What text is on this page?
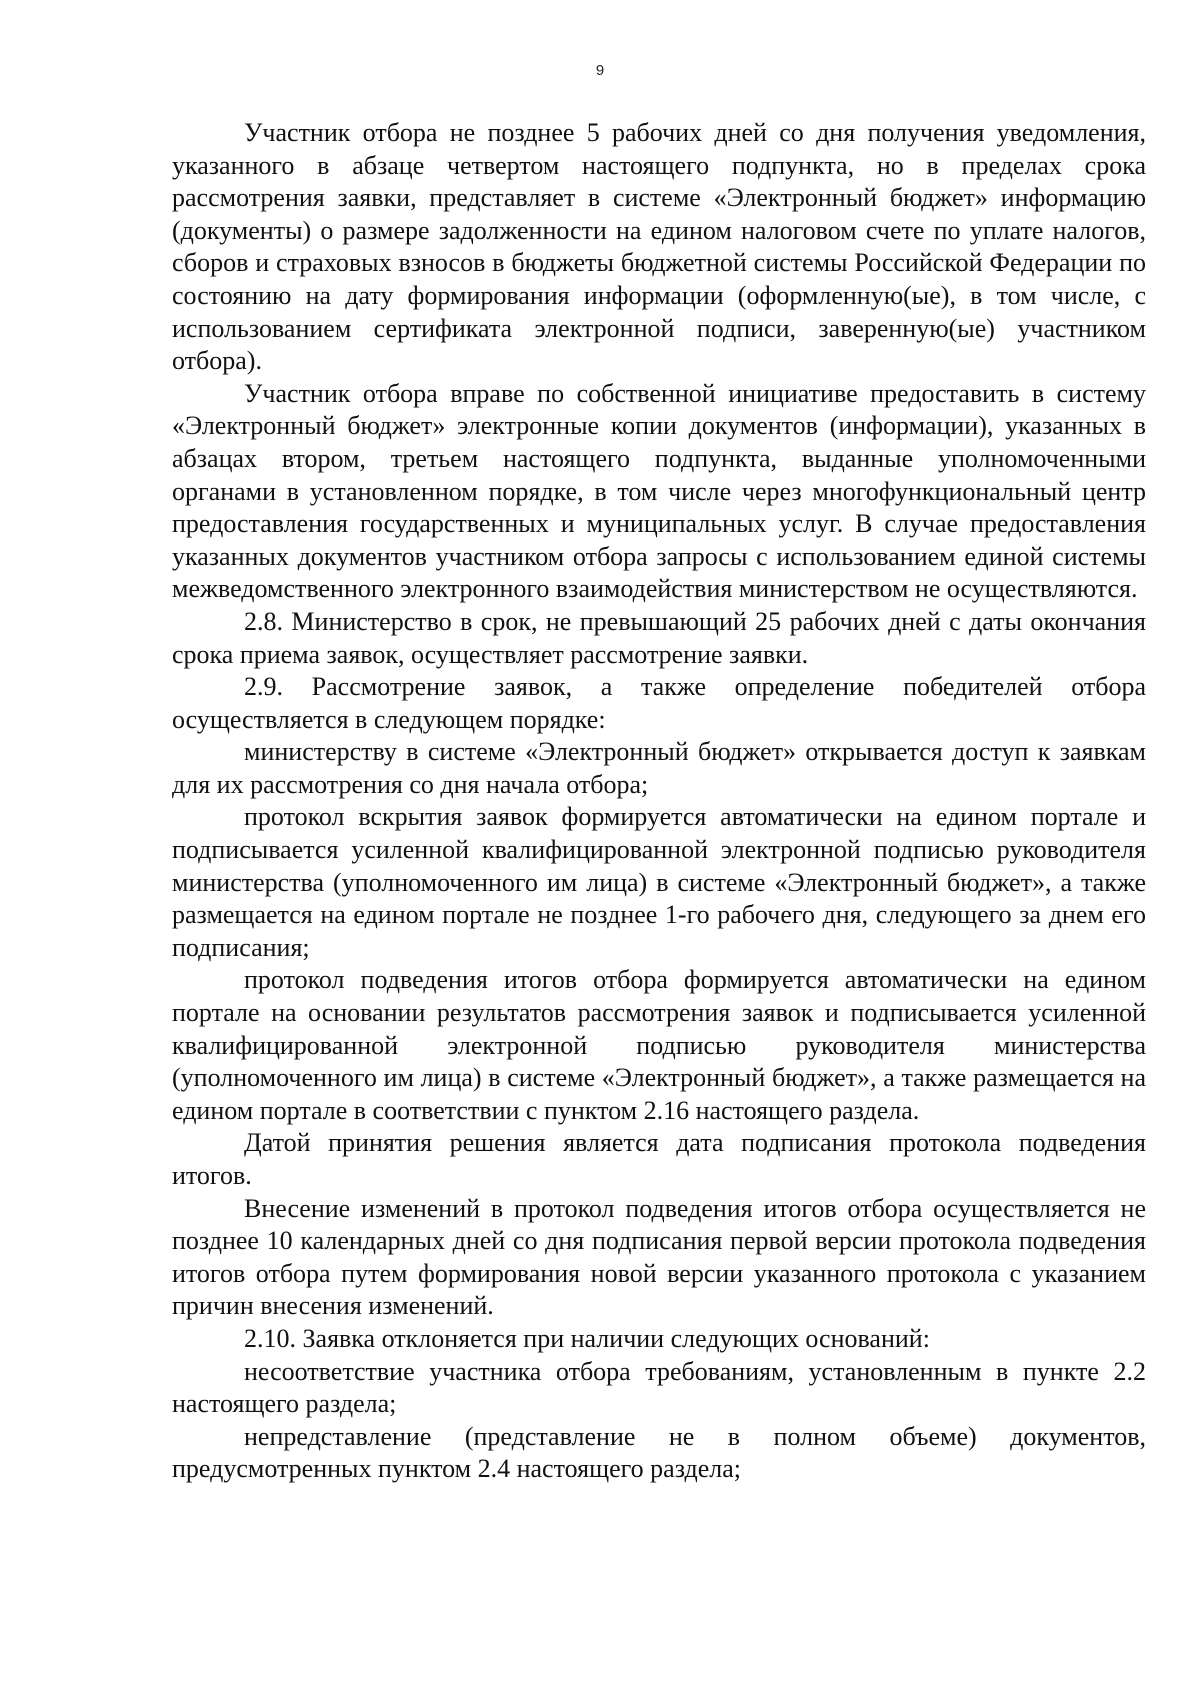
9

Участник отбора не позднее 5 рабочих дней со дня получения уведомления, указанного в абзаце четвертом настоящего подпункта, но в пределах срока рассмотрения заявки, представляет в системе «Электронный бюджет» информацию (документы) о размере задолженности на едином налоговом счете по уплате налогов, сборов и страховых взносов в бюджеты бюджетной системы Российской Федерации по состоянию на дату формирования информации (оформленную(ые), в том числе, с использованием сертификата электронной подписи, заверенную(ые) участником отбора).

Участник отбора вправе по собственной инициативе предоставить в систему «Электронный бюджет» электронные копии документов (информации), указанных в абзацах втором, третьем настоящего подпункта, выданные уполномоченными органами в установленном порядке, в том числе через многофункциональный центр предоставления государственных и муниципальных услуг. В случае предоставления указанных документов участником отбора запросы с использованием единой системы межведомственного электронного взаимодействия министерством не осуществляются.

2.8. Министерство в срок, не превышающий 25 рабочих дней с даты окончания срока приема заявок, осуществляет рассмотрение заявки.

2.9. Рассмотрение заявок, а также определение победителей отбора осуществляется в следующем порядке:

министерству в системе «Электронный бюджет» открывается доступ к заявкам для их рассмотрения со дня начала отбора;

протокол вскрытия заявок формируется автоматически на едином портале и подписывается усиленной квалифицированной электронной подписью руководителя министерства (уполномоченного им лица) в системе «Электронный бюджет», а также размещается на едином портале не позднее 1-го рабочего дня, следующего за днем его подписания;

протокол подведения итогов отбора формируется автоматически на едином портале на основании результатов рассмотрения заявок и подписывается усиленной квалифицированной электронной подписью руководителя министерства (уполномоченного им лица) в системе «Электронный бюджет», а также размещается на едином портале в соответствии с пунктом 2.16 настоящего раздела.

Датой принятия решения является дата подписания протокола подведения итогов.

Внесение изменений в протокол подведения итогов отбора осуществляется не позднее 10 календарных дней со дня подписания первой версии протокола подведения итогов отбора путем формирования новой версии указанного протокола с указанием причин внесения изменений.

2.10. Заявка отклоняется при наличии следующих оснований:

несоответствие участника отбора требованиям, установленным в пункте 2.2 настоящего раздела;

непредставление (представление не в полном объеме) документов, предусмотренных пунктом 2.4 настоящего раздела;
